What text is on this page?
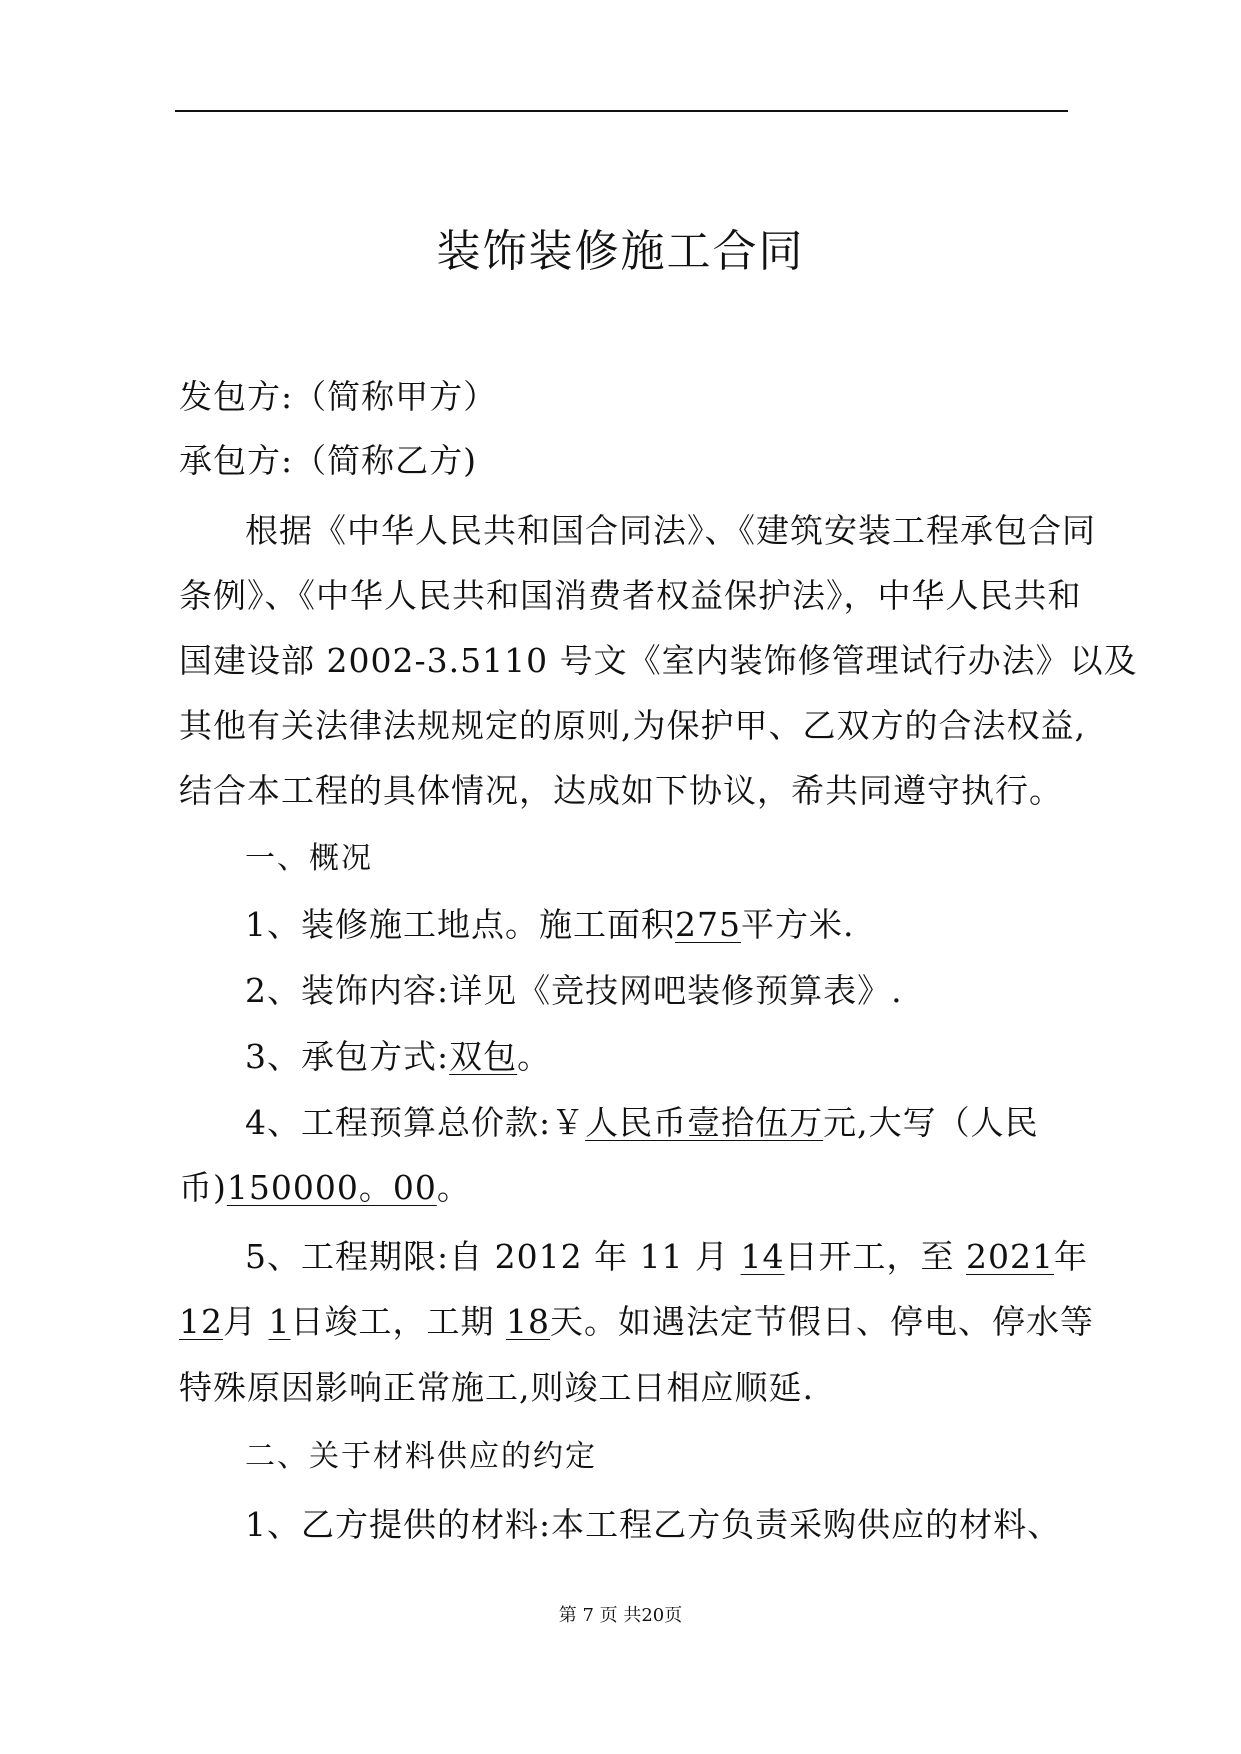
装饰装修施工合同
发包方:（简称甲方）
承包方:（简称乙方)
根据《中华人民共和国合同法》、《建筑安装工程承包合同
条例》、《中华人民共和国消费者权益保护法》，中华人民共和
国建设部 2002-3.5110 号文《室内装饰修管理试行办法》以及
其他有关法律法规规定的原则,为保护甲、乙双方的合法权益,
结合本工程的具体情况，达成如下协议，希共同遵守执行。
一、概况
1、装修施工地点。施工面积275平方米.
2、装饰内容:详见《竞技网吧装修预算表》.
3、承包方式:双包。
4、工程预算总价款:￥人民币壹拾伍万元,大写（人民
币)150000。00。
5、工程期限:自 2012 年 11 月 14日开工，至 2021年
12月 1日竣工，工期 18天。如遇法定节假日、停电、停水等
特殊原因影响正常施工,则竣工日相应顺延.
二、关于材料供应的约定
1、乙方提供的材料:本工程乙方负责采购供应的材料、
第 7 页 共20页
